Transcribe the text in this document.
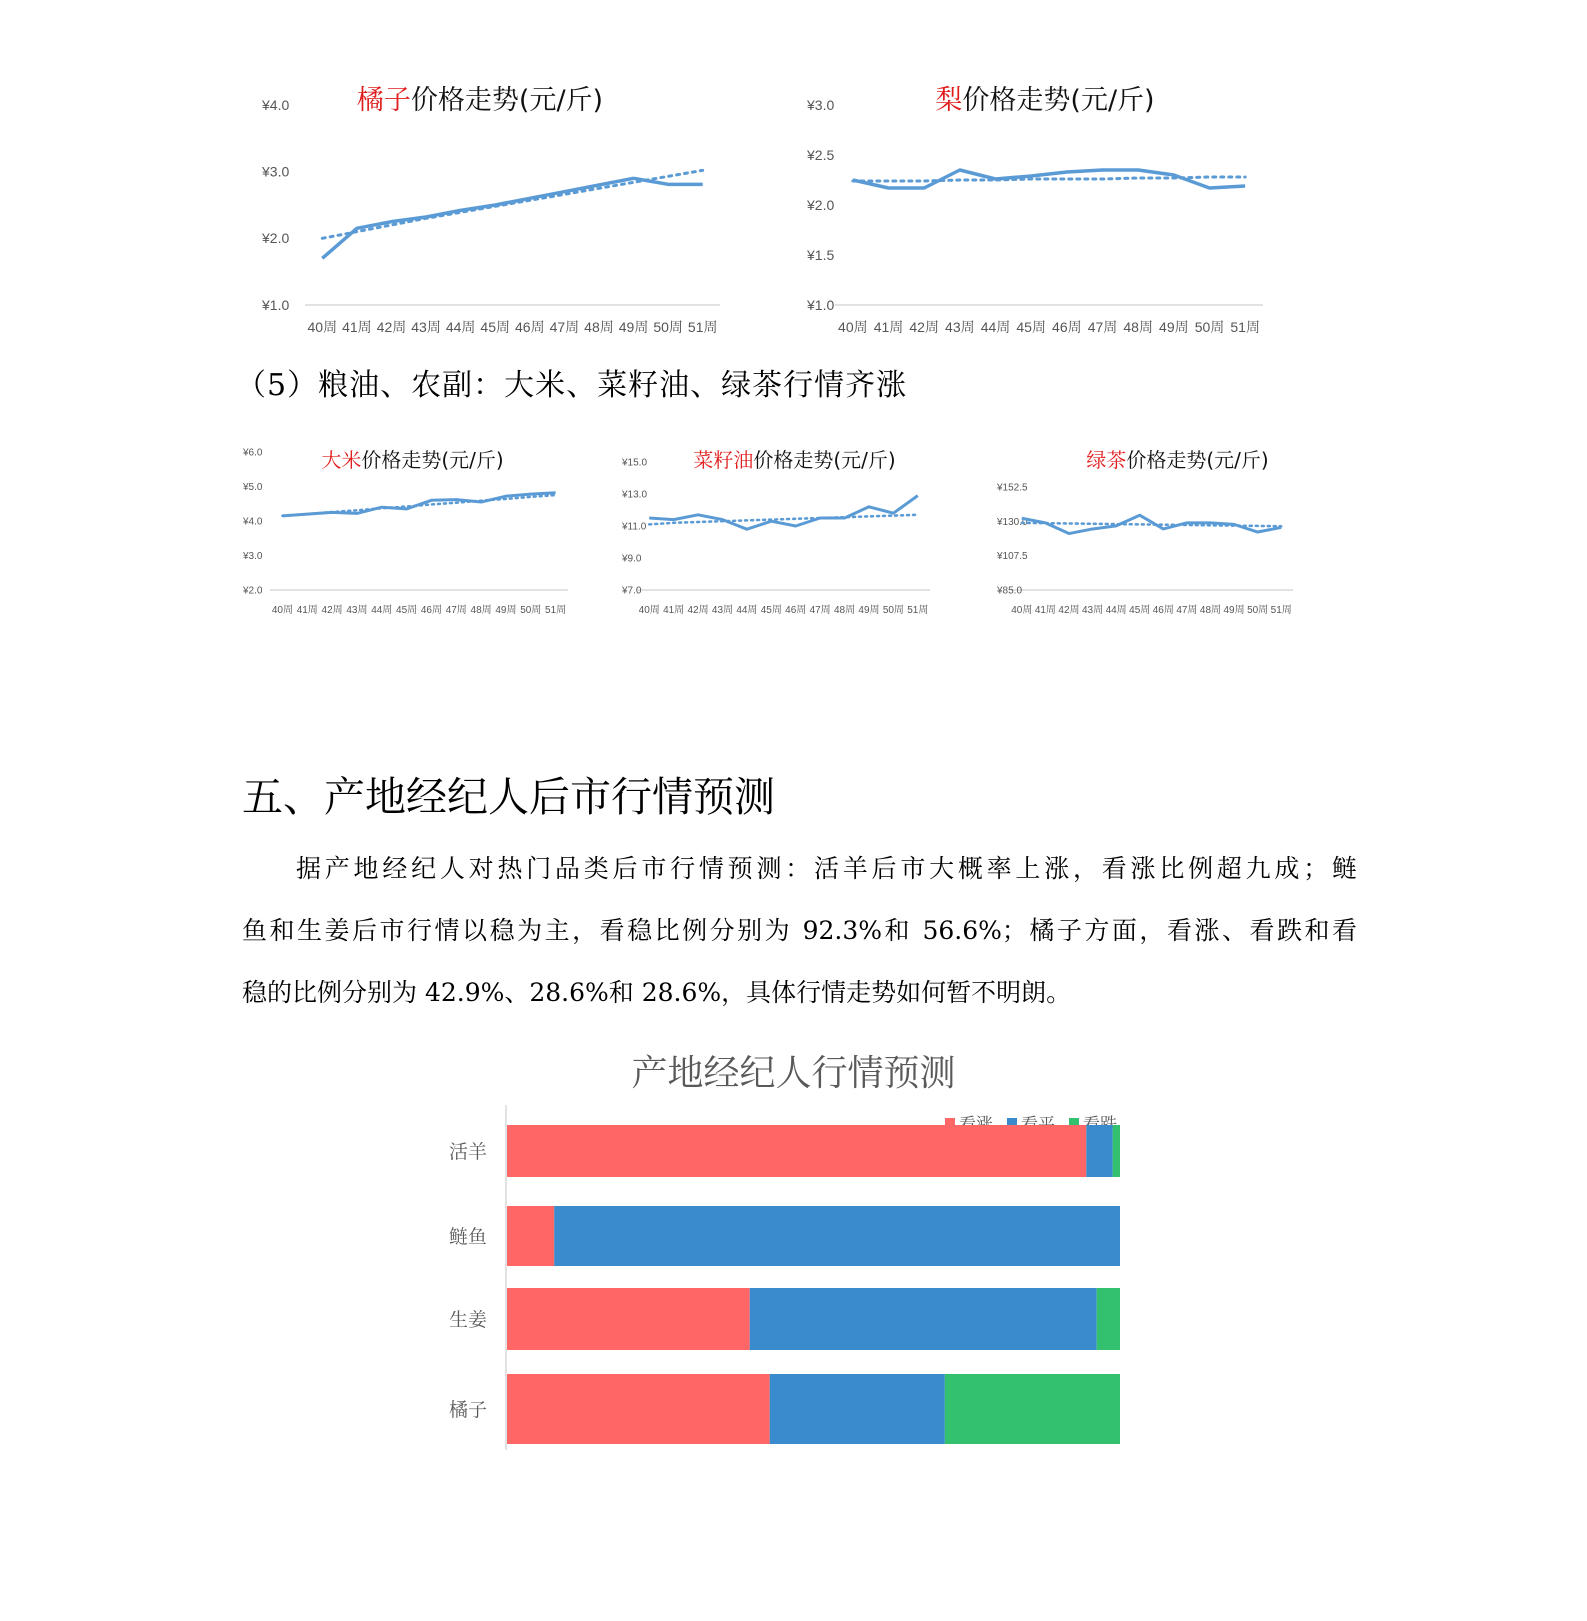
橘子价格走势(元/斤)
¥1.0
¥2.0
¥3.0
¥4.0
40周 41周 42周 43周 44周 45周 46周 47周 48周 49周 50周 51周
梨价格走势(元/斤)
¥1.0
¥1.5
¥2.0
¥2.5
¥3.0
40周 41周 42周 43周 44周 45周 46周 47周 48周 49周 50周 51周
（5）粮油、农副：大米、菜籽油、绿茶行情齐涨
大米价格走势(元/斤)
¥2.0
¥3.0
¥4.0
¥5.0
¥6.0
40周 41周 42周 43周 44周 45周 46周 47周 48周 49周 50周 51周
菜籽油价格走势(元/斤)
¥7.0
¥9.0
¥11.0
¥13.0
¥15.0
40周 41周 42周 43周 44周 45周 46周 47周 48周 49周 50周 51周
绿茶价格走势(元/斤)
¥85.0
¥107.5
¥130.0
¥152.5
40周 41周 42周 43周 44周 45周 46周 47周 48周 49周 50周 51周
五、产地经纪人后市行情预测
据产地经纪人对热门品类后市行情预测：活羊后市大概率上涨，看涨比例超九成；鲢
鱼和生姜后市行情以稳为主，看稳比例分别为 92.3%和 56.6%；橘子方面，看涨、看跌和看
稳的比例分别为 42.9%、28.6%和 28.6%，具体行情走势如何暂不明朗。
产地经纪人行情预测
活羊
鲢鱼
生姜
橘子
